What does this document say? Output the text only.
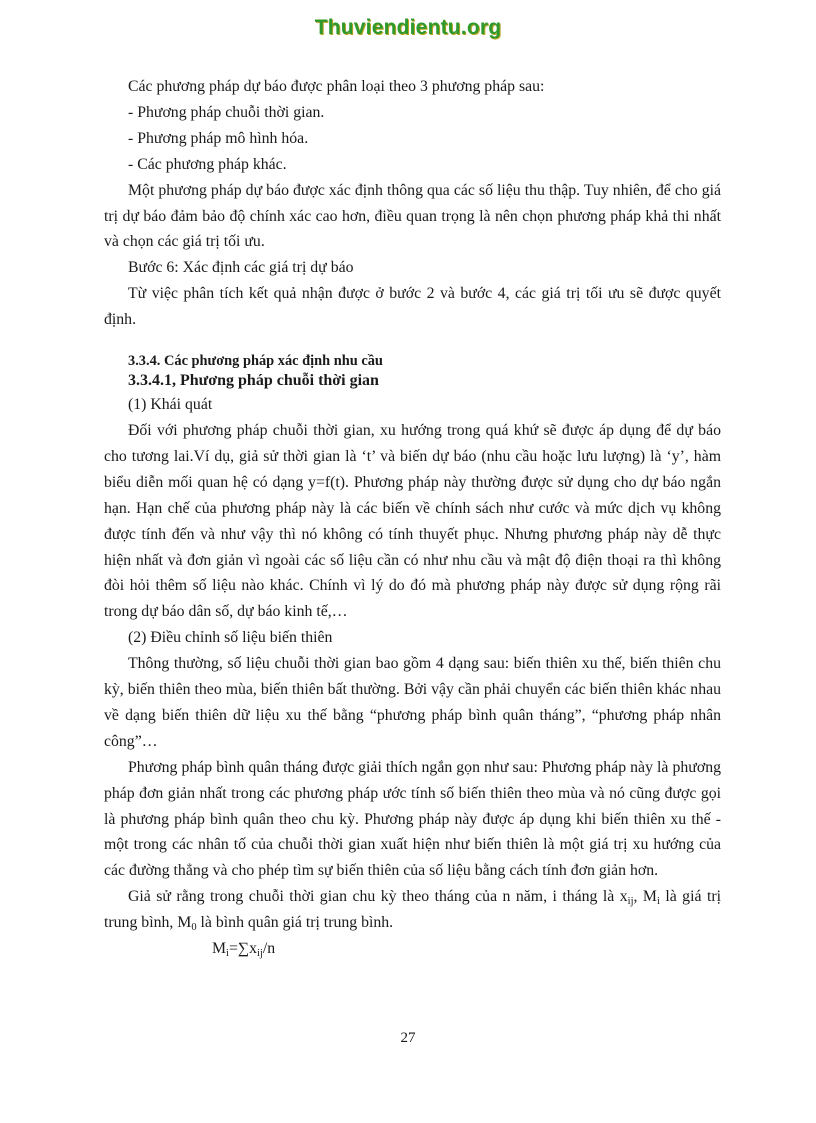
Thuviendientu.org

Các phương pháp dự báo được phân loại theo 3 phương pháp sau:

- Phương pháp chuỗi thời gian.

- Phương pháp mô hình hóa.

- Các phương pháp khác.

Một phương pháp dự báo được xác định thông qua các số liệu thu thập. Tuy nhiên, để cho giá trị dự báo đảm bảo độ chính xác cao hơn, điều quan trọng là nên chọn phương pháp khả thi nhất và chọn các giá trị tối ưu.

Bước 6: Xác định các giá trị dự báo

Từ việc phân tích kết quả nhận được ở bước 2 và bước 4, các giá trị tối ưu sẽ được quyết định.

3.3.4. Các phương pháp xác định nhu cầu

3.3.4.1, Phương pháp chuỗi thời gian

(1) Khái quát

Đối với phương pháp chuỗi thời gian, xu hướng trong quá khứ sẽ được áp dụng để dự báo cho tương lai.Ví dụ, giả sử thời gian là ‘t’ và biến dự báo (nhu cầu hoặc lưu lượng) là ‘y’, hàm biểu diễn mối quan hệ có dạng y=f(t). Phương pháp này thường được sử dụng cho dự báo ngắn hạn. Hạn chế của phương pháp này là các biến về chính sách như cước và mức dịch vụ không được tính đến và như vậy thì nó không có tính thuyết phục. Nhưng phương pháp này dễ thực hiện nhất và đơn giản vì ngoài các số liệu cần có như nhu cầu và mật độ điện thoại ra thì không đòi hỏi thêm số liệu nào khác. Chính vì lý do đó mà phương pháp này được sử dụng rộng rãi trong dự báo dân số, dự báo kinh tế,…

(2) Điều chỉnh số liệu biến thiên

Thông thường, số liệu chuỗi thời gian bao gồm 4 dạng sau: biến thiên xu thế, biến thiên chu kỳ, biến thiên theo mùa, biến thiên bất thường. Bởi vậy cần phải chuyển các biến thiên khác nhau về dạng biến thiên dữ liệu xu thế bằng “phương pháp bình quân tháng”, “phương pháp nhân công”…

Phương pháp bình quân tháng được giải thích ngắn gọn như sau: Phương pháp này là phương pháp đơn giản nhất trong các phương pháp ước tính số biến thiên theo mùa và nó cũng được gọi là phương pháp bình quân theo chu kỳ. Phương pháp này được áp dụng khi biến thiên xu thế - một trong các nhân tố của chuỗi thời gian xuất hiện như biến thiên là một giá trị xu hướng của các đường thẳng và cho phép tìm sự biến thiên của số liệu bằng cách tính đơn giản hơn.

Giả sử rằng trong chuỗi thời gian chu kỳ theo tháng của n năm, i tháng là $x_{ij}$, $M_i$ là giá trị trung bình, $M_0$ là bình quân giá trị trung bình.

$M_i=\sum x_{ij}/n$

27
